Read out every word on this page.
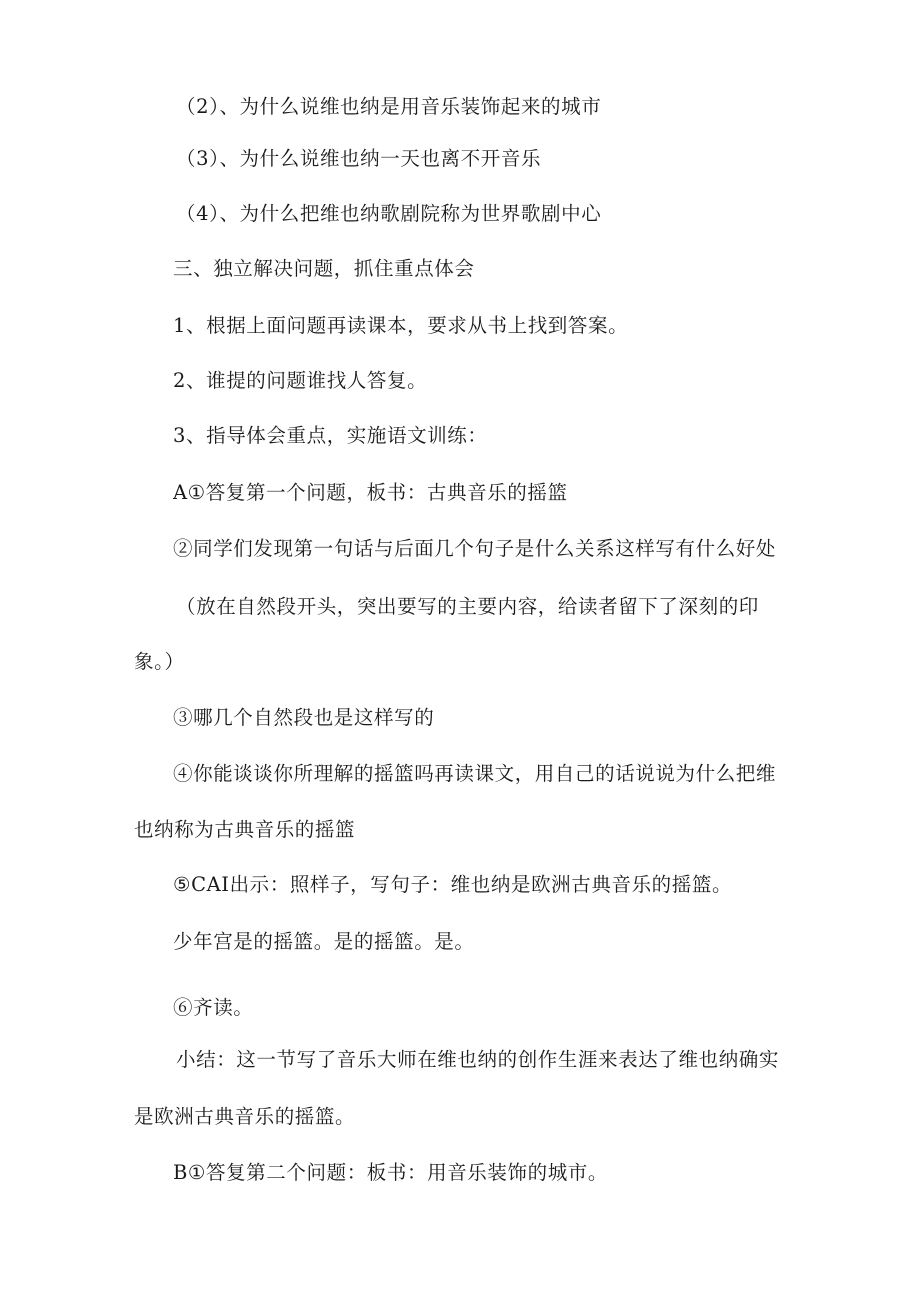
（2）、为什么说维也纳是用音乐装饰起来的城市
（3）、为什么说维也纳一天也离不开音乐
（4）、为什么把维也纳歌剧院称为世界歌剧中心
三、独立解决问题，抓住重点体会
1、根据上面问题再读课本，要求从书上找到答案。
2、谁提的问题谁找人答复。
3、指导体会重点，实施语文训练：
A①答复第一个问题，板书：古典音乐的摇篮
②同学们发现第一句话与后面几个句子是什么关系这样写有什么好处
（放在自然段开头，突出要写的主要内容，给读者留下了深刻的印
象。）
③哪几个自然段也是这样写的
④你能谈谈你所理解的摇篮吗再读课文，用自己的话说说为什么把维
也纳称为古典音乐的摇篮
⑤CAI出示：照样子，写句子：维也纳是欧洲古典音乐的摇篮。
少年宫是的摇篮。是的摇篮。是。
⑥齐读。
小结：这一节写了音乐大师在维也纳的创作生涯来表达了维也纳确实
是欧洲古典音乐的摇篮。
B①答复第二个问题：板书：用音乐装饰的城市。
